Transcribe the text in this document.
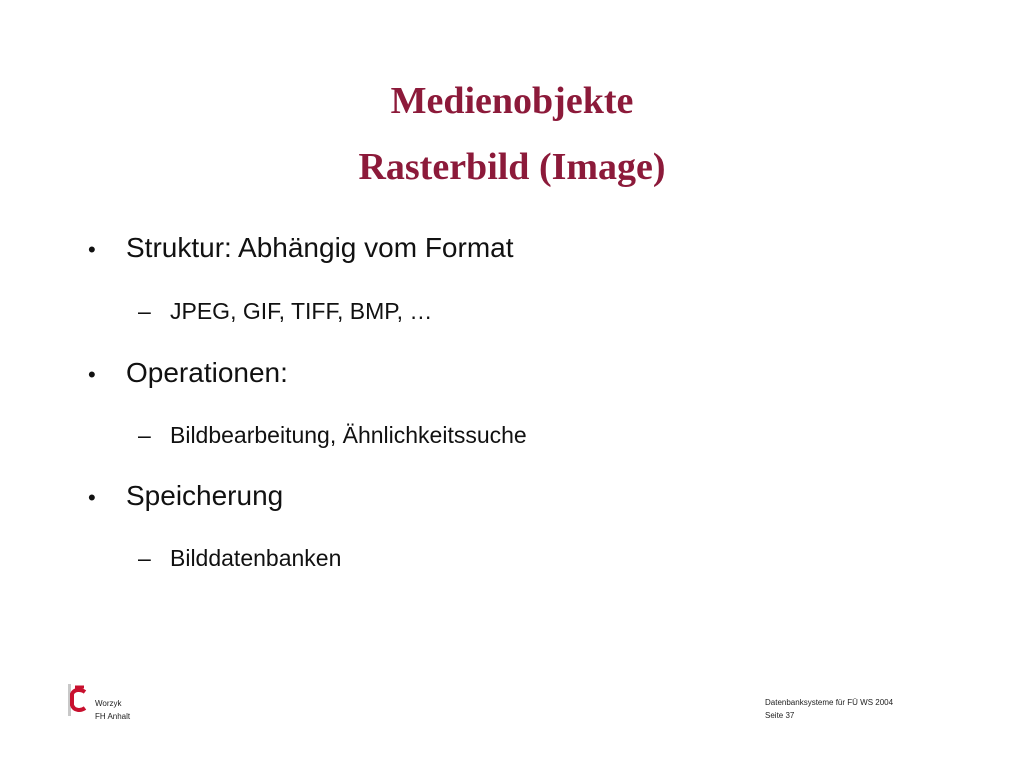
Medienobjekte
Rasterbild (Image)
•	Struktur: Abhängig vom Format
– JPEG, GIF, TIFF, BMP, …
•	Operationen:
– Bildbearbeitung, Ähnlichkeitssuche
•	Speicherung
– Bilddatenbanken
Worzyk
FH Anhalt
Datenbanksysteme für FÜ WS 2004
Seite 37
